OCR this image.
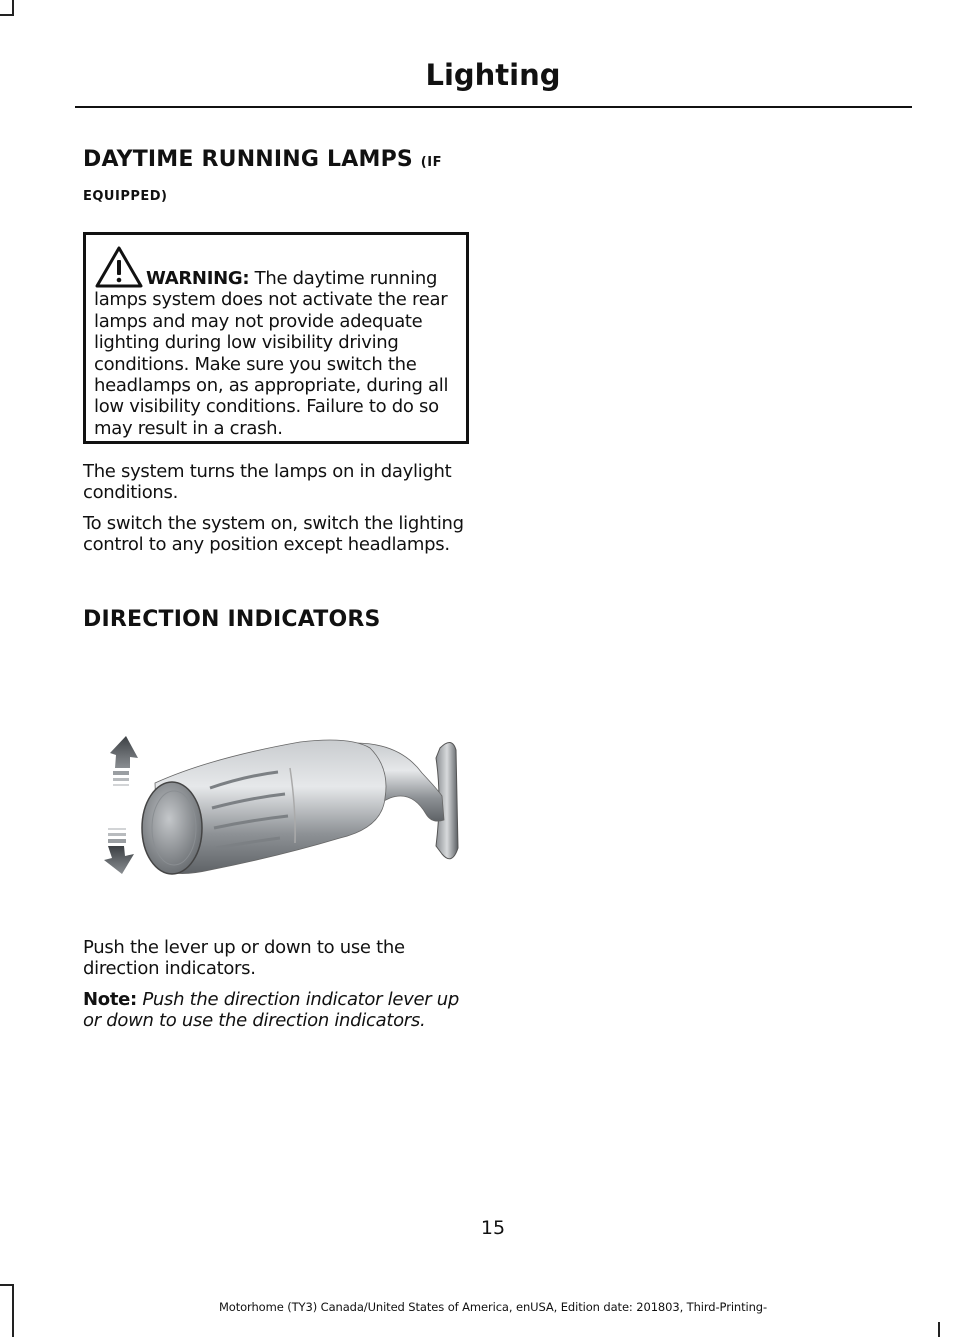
Lighting
DAYTIME RUNNING LAMPS (IF
EQUIPPED)
WARNING: The daytime running lamps system does not activate the rear lamps and may not provide adequate lighting during low visibility driving conditions. Make sure you switch the headlamps on, as appropriate, during all low visibility conditions. Failure to do so may result in a crash.
The system turns the lamps on in daylight conditions.
To switch the system on, switch the lighting control to any position except headlamps.
DIRECTION INDICATORS
Push the lever up or down to use the direction indicators.
Note: Push the direction indicator lever up or down to use the direction indicators.
15
Motorhome (TY3) Canada/United States of America, enUSA, Edition date: 201803, Third-Printing-
